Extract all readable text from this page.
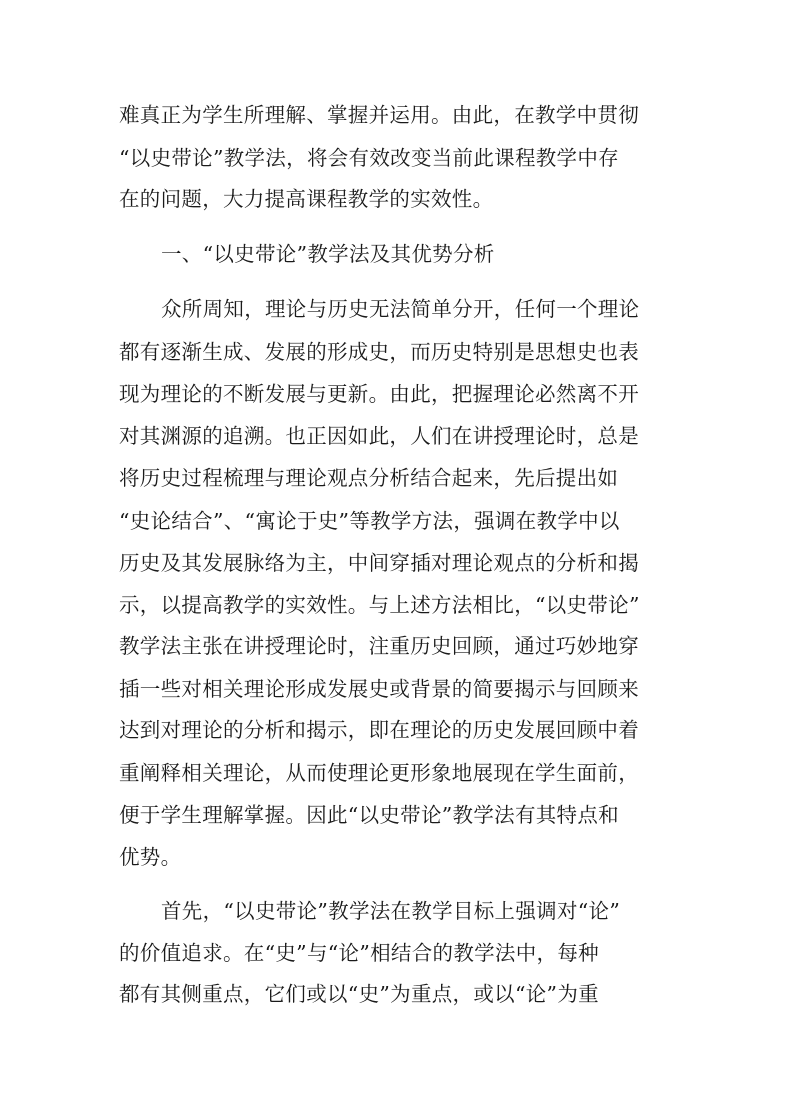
难真正为学生所理解、掌握并运用。由此，在教学中贯彻

“以史带论”教学法，将会有效改变当前此课程教学中存

在的问题，大力提高课程教学的实效性。

一、“以史带论”教学法及其优势分析

众所周知，理论与历史无法简单分开，任何一个理论

都有逐渐生成、发展的形成史，而历史特别是思想史也表

现为理论的不断发展与更新。由此，把握理论必然离不开

对其渊源的追溯。也正因如此，人们在讲授理论时，总是

将历史过程梳理与理论观点分析结合起来，先后提出如

“史论结合”、“寓论于史”等教学方法，强调在教学中以

历史及其发展脉络为主，中间穿插对理论观点的分析和揭

示，以提高教学的实效性。与上述方法相比，“以史带论”

教学法主张在讲授理论时，注重历史回顾，通过巧妙地穿

插一些对相关理论形成发展史或背景的简要揭示与回顾来

达到对理论的分析和揭示，即在理论的历史发展回顾中着

重阐释相关理论，从而使理论更形象地展现在学生面前，

便于学生理解掌握。因此“以史带论”教学法有其特点和

优势。

首先，“以史带论”教学法在教学目标上强调对“论”

的价值追求。在“史”与“论”相结合的教学法中，每种

都有其侧重点，它们或以“史”为重点，或以“论”为重
